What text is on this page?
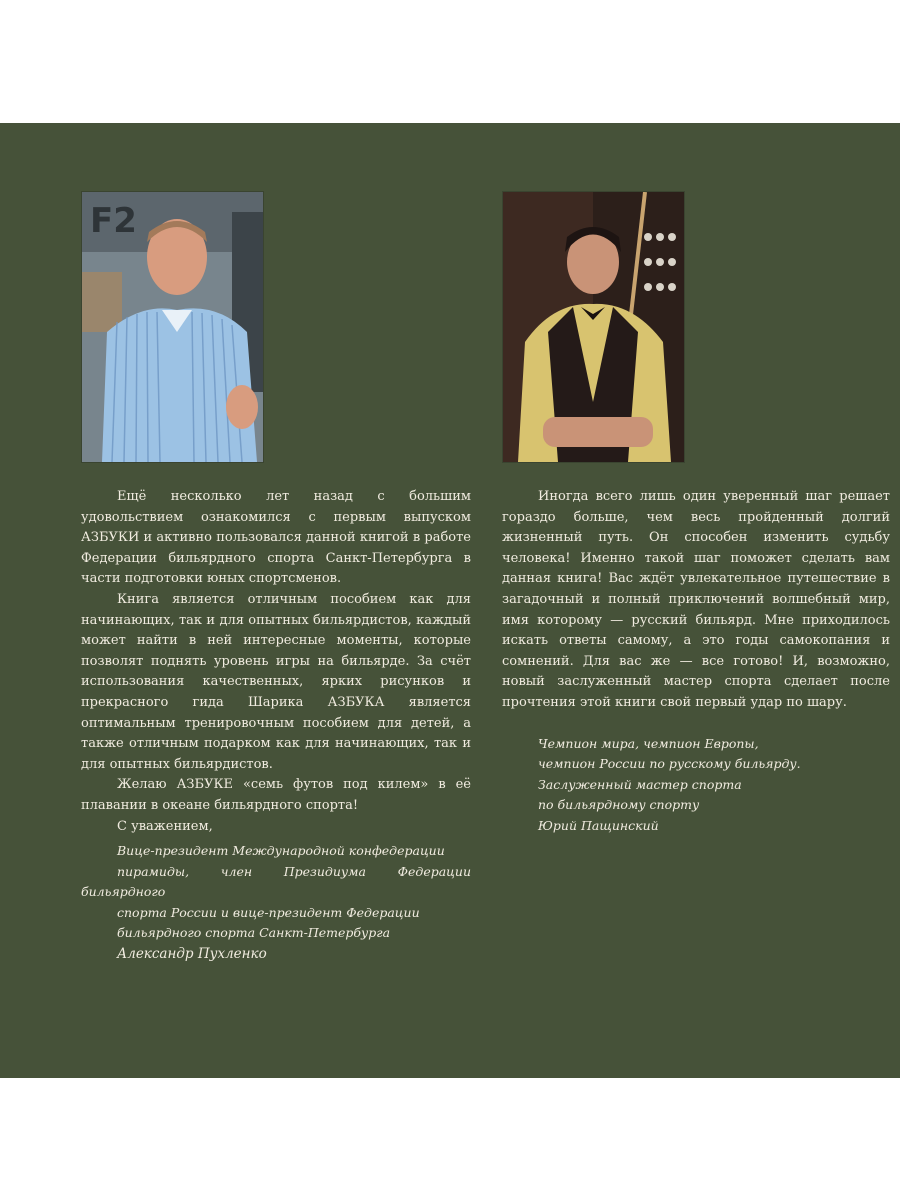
F2

Ещё несколько лет назад с большим удовольствием ознакомился с первым выпуском АЗБУКИ и активно пользовался данной книгой в работе Федерации бильярдного спорта Санкт-Петербурга в части подготовки юных спортсменов.

Книга является отличным пособием как для начинающих, так и для опытных бильярдистов, каждый может найти в ней интересные моменты, которые позволят поднять уровень игры на бильярде. За счёт использования качественных, ярких рисунков и прекрасного гида Шарика АЗБУКА является оптимальным тренировочным пособием для детей, а также отличным подарком как для начинающих, так и для опытных бильярдистов.

Желаю АЗБУКЕ «семь футов под килем» в её плавании в океане бильярдного спорта!

С уважением,

Вице-президент Международной конфедерации

пирамиды, член Президиума Федерации бильярдного

спорта России и вице-президент Федерации

бильярдного спорта Санкт-Петербурга

Александр Пухленко

Иногда всего лишь один уверенный шаг решает гораздо больше, чем весь пройденный долгий жизненный путь. Он способен изменить судьбу человека! Именно такой шаг поможет сделать вам данная книга! Вас ждёт увлекательное путешествие в загадочный и полный приключений волшебный мир, имя которому — русский бильярд. Мне приходилось искать ответы самому, а это годы самокопания и сомнений. Для вас же — все готово! И, возможно, новый заслуженный мастер спорта сделает после прочтения этой книги свой первый удар по шару.

Чемпион мира, чемпион Европы,

чемпион России по русскому бильярду.

Заслуженный мастер спорта

по бильярдному спорту

Юрий Пащинский
